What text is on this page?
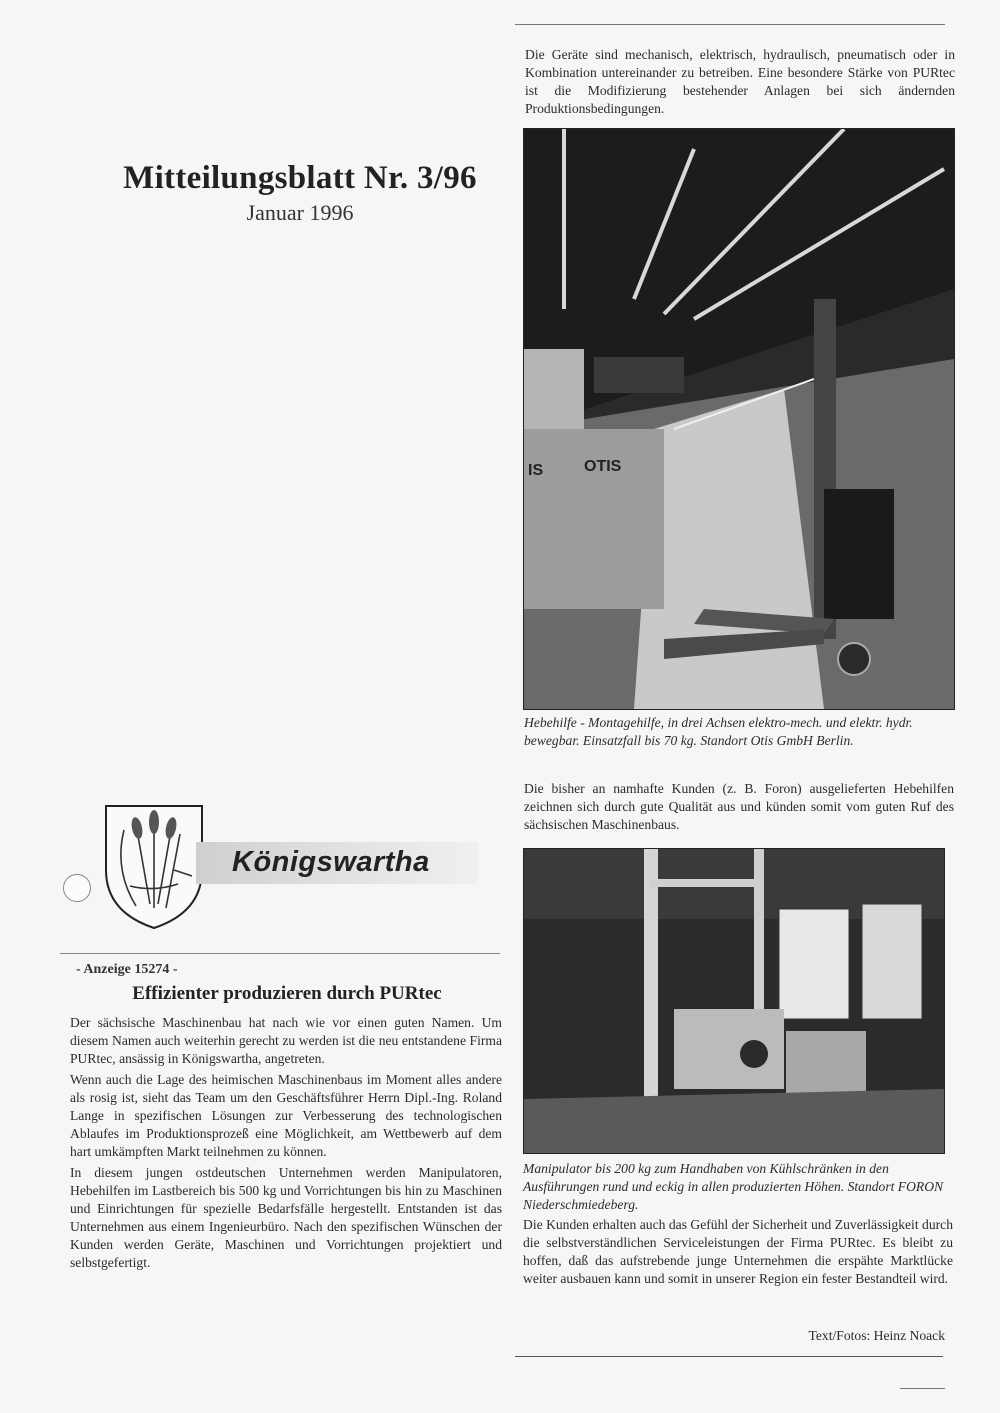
Mitteilungsblatt Nr. 3/96
Januar 1996
Königswartha
- Anzeige 15274 -
Effizienter produzieren durch PURtec

Der sächsische Maschinenbau hat nach wie vor einen guten Namen. Um diesem Namen auch weiterhin gerecht zu werden ist die neu entstandene Firma PURtec, ansässig in Königswartha, angetreten.

Wenn auch die Lage des heimischen Maschinenbaus im Moment alles andere als rosig ist, sieht das Team um den Geschäftsführer Herrn Dipl.-Ing. Roland Lange in spezifischen Lösungen zur Verbesserung des technologischen Ablaufes im Produktionsprozeß eine Möglichkeit, am Wettbewerb auf dem hart umkämpften Markt teilnehmen zu können.

In diesem jungen ostdeutschen Unternehmen werden Manipulatoren, Hebehilfen im Lastbereich bis 500 kg und Vorrichtungen bis hin zu Maschinen und Einrichtungen für spezielle Bedarfsfälle hergestellt. Entstanden ist das Unternehmen aus einem Ingenieurbüro. Nach den spezifischen Wünschen der Kunden werden Geräte, Maschinen und Vorrichtungen projektiert und selbstgefertigt.

Die Geräte sind mechanisch, elektrisch, hydraulisch, pneumatisch oder in Kombination untereinander zu betreiben. Eine besondere Stärke von PURtec ist die Modifizierung bestehender Anlagen bei sich ändernden Produktionsbedingungen.
IS	OTIS
Hebehilfe - Montagehilfe, in drei Achsen elektro-mech. und elektr. hydr. bewegbar. Einsatzfall bis 70 kg. Standort Otis GmbH Berlin.
Die bisher an namhafte Kunden (z. B. Foron) ausgelieferten Hebehilfen zeichnen sich durch gute Qualität aus und künden somit vom guten Ruf des sächsischen Maschinenbaus.
Manipulator bis 200 kg zum Handhaben von Kühlschränken in den Ausführungen rund und eckig in allen produzierten Höhen. Standort FORON Niederschmiedeberg.
Die Kunden erhalten auch das Gefühl der Sicherheit und Zuverlässigkeit durch die selbstverständlichen Serviceleistungen der Firma PURtec. Es bleibt zu hoffen, daß das aufstrebende junge Unternehmen die erspähte Marktlücke weiter ausbauen kann und somit in unserer Region ein fester Bestandteil wird.
Text/Fotos: Heinz Noack
